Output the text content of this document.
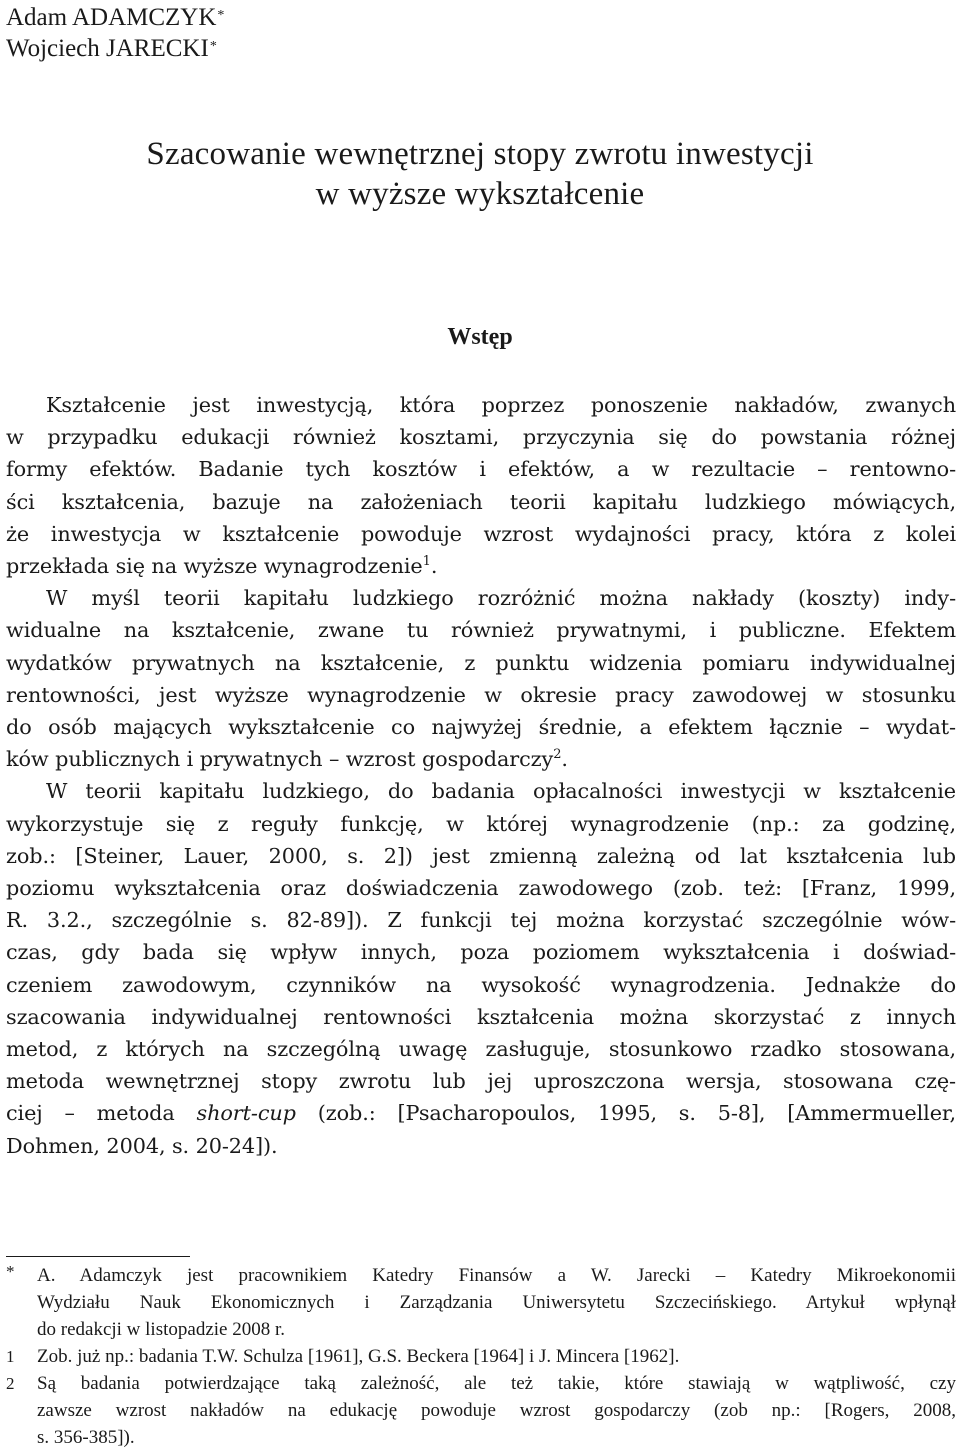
Adam ADAMCZYK*
Wojciech JARECKI*
Szacowanie wewnętrznej stopy zwrotu inwestycji
w wyższe wykształcenie
Wstęp
Kształcenie jest inwestycją, która poprzez ponoszenie nakładów, zwanych
w przypadku edukacji również kosztami, przyczynia się do powstania różnej
formy efektów. Badanie tych kosztów i efektów, a w rezultacie – rentowno-
ści kształcenia, bazuje na założeniach teorii kapitału ludzkiego mówiących,
że inwestycja w kształcenie powoduje wzrost wydajności pracy, która z kolei
przekłada się na wyższe wynagrodzenie$^1$.
W myśl teorii kapitału ludzkiego rozróżnić można nakłady (koszty) indy-
widualne na kształcenie, zwane tu również prywatnymi, i publiczne. Efektem
wydatków prywatnych na kształcenie, z punktu widzenia pomiaru indywidualnej
rentowności, jest wyższe wynagrodzenie w okresie pracy zawodowej w stosunku
do osób mających wykształcenie co najwyżej średnie, a efektem łącznie – wydat-
ków publicznych i prywatnych – wzrost gospodarczy$^2$.
W teorii kapitału ludzkiego, do badania opłacalności inwestycji w kształcenie
wykorzystuje się z reguły funkcję, w której wynagrodzenie (np.: za godzinę,
zob.: [Steiner, Lauer, 2000, s. 2]) jest zmienną zależną od lat kształcenia lub
poziomu wykształcenia oraz doświadczenia zawodowego (zob. też: [Franz, 1999,
R. 3.2., szczególnie s. 82-89]). Z funkcji tej można korzystać szczególnie wów-
czas, gdy bada się wpływ innych, poza poziomem wykształcenia i doświad-
czeniem zawodowym, czynników na wysokość wynagrodzenia. Jednakże do
szacowania indywidualnej rentowności kształcenia można skorzystać z innych
metod, z których na szczególną uwagę zasługuje, stosunkowo rzadko stosowana,
metoda wewnętrznej stopy zwrotu lub jej uproszczona wersja, stosowana czę-
ciej – metoda short-cup (zob.: [Psacharopoulos, 1995, s. 5-8], [Ammermueller,
Dohmen, 2004, s. 20-24]).
* A. Adamczyk jest pracownikiem Katedry Finansów a W. Jarecki – Katedry Mikroekonomii
Wydziału Nauk Ekonomicznych i Zarządzania Uniwersytetu Szczecińskiego. Artykuł wpłynął
do redakcji w listopadzie 2008 r.
1 Zob. już np.: badania T.W. Schulza [1961], G.S. Beckera [1964] i J. Mincera [1962].
2 Są badania potwierdzające taką zależność, ale też takie, które stawiają w wątpliwość, czy
zawsze wzrost nakładów na edukację powoduje wzrost gospodarczy (zob np.: [Rogers, 2008,
s. 356-385]).
